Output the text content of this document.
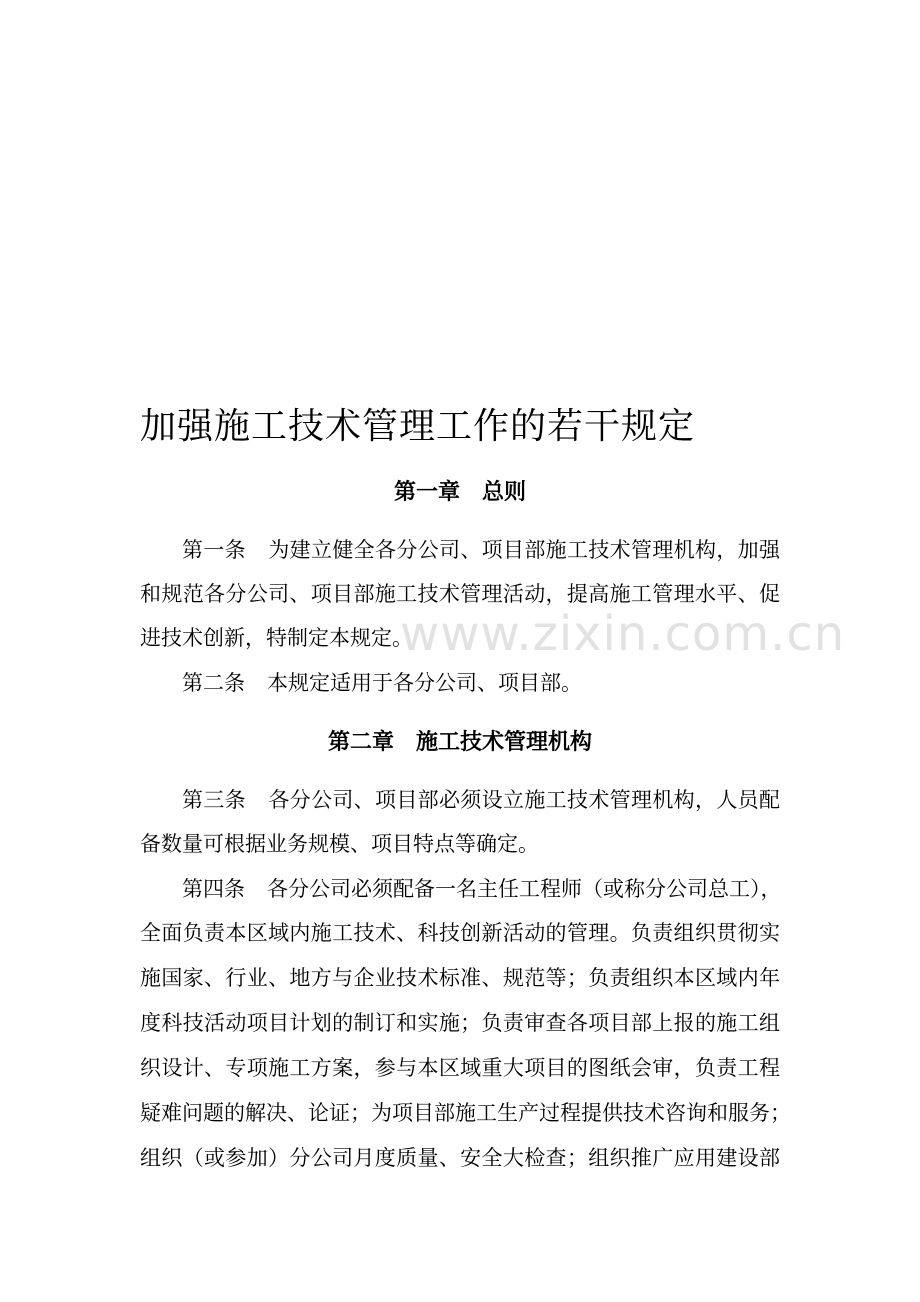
www.zixin.com.cn
加强施工技术管理工作的若干规定
第一章 总则
第一条 为建立健全各分公司、项目部施工技术管理机构，加强
和规范各分公司、项目部施工技术管理活动，提高施工管理水平、促
进技术创新，特制定本规定。
第二条 本规定适用于各分公司、项目部。
第二章 施工技术管理机构
第三条 各分公司、项目部必须设立施工技术管理机构，人员配
备数量可根据业务规模、项目特点等确定。
第四条 各分公司必须配备一名主任工程师（或称分公司总工），
全面负责本区域内施工技术、科技创新活动的管理。负责组织贯彻实
施国家、行业、地方与企业技术标准、规范等；负责组织本区域内年
度科技活动项目计划的制订和实施；负责审查各项目部上报的施工组
织设计、专项施工方案，参与本区域重大项目的图纸会审，负责工程
疑难问题的解决、论证；为项目部施工生产过程提供技术咨询和服务；
组织（或参加）分公司月度质量、安全大检查；组织推广应用建设部
